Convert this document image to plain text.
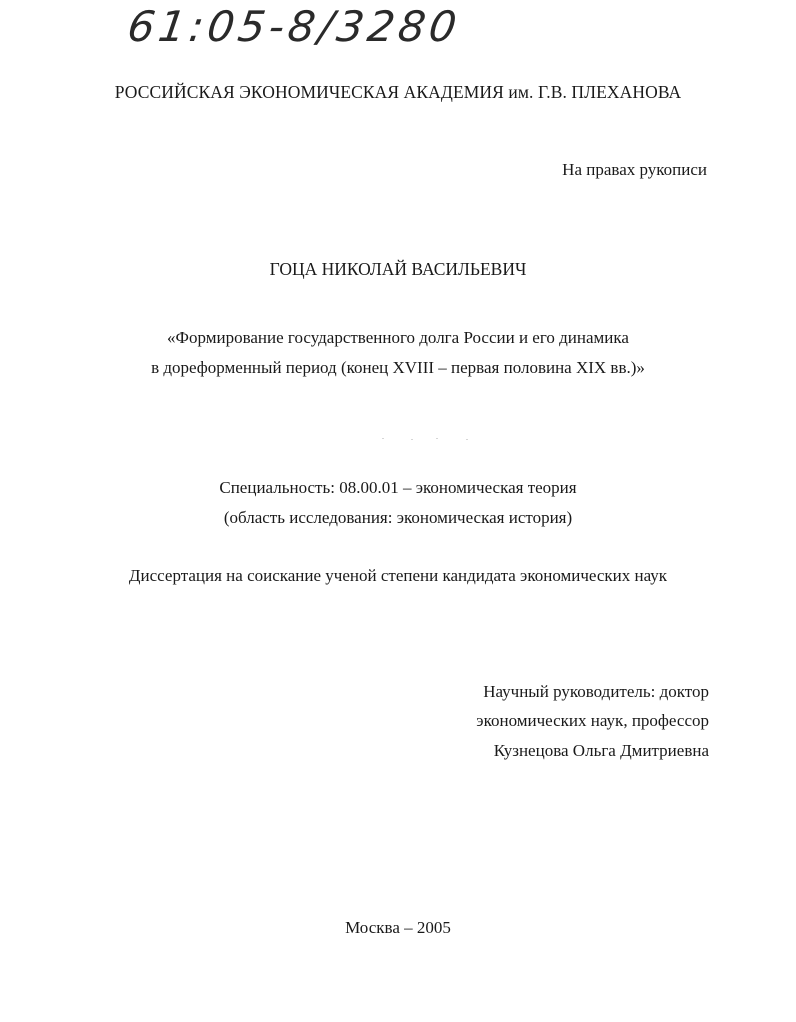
61:05-8/3280
РОССИЙСКАЯ ЭКОНОМИЧЕСКАЯ АКАДЕМИЯ им. Г.В. ПЛЕХАНОВА
На правах рукописи
ГОЦА НИКОЛАЙ ВАСИЛЬЕВИЧ
«Формирование государственного долга России и его динамика
в дореформенный период (конец XVIII – первая половина XIX вв.)»
Специальность: 08.00.01 – экономическая теория
(область исследования: экономическая история)
Диссертация на соискание ученой степени кандидата экономических наук
Научный руководитель: доктор
экономических наук, профессор
Кузнецова Ольга Дмитриевна
Москва – 2005
